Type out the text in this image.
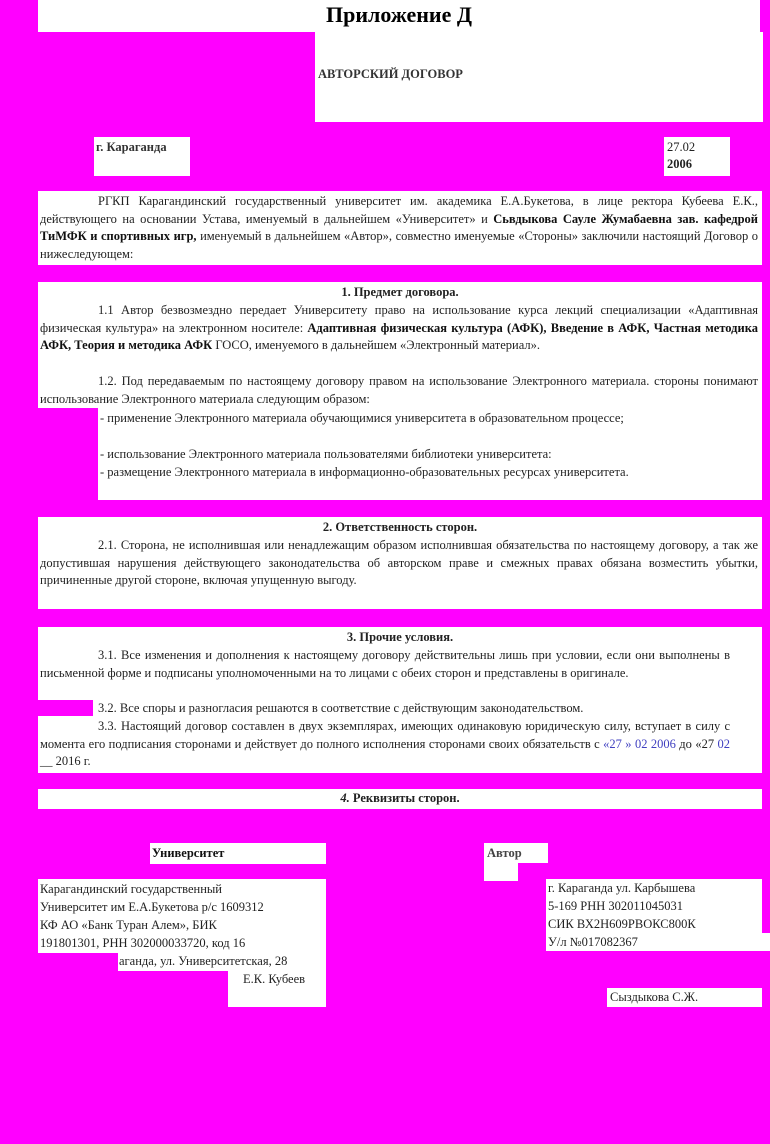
Приложение Д
АВТОРСКИЙ ДОГОВОР
г. Караганда	27.02
2006

РГКП Карагандинский государственный университет им. академика Е.А.Букетова, в лице ректора Кубеева Е.К., действующего на основании Устава, именуемый в дальнейшем «Университет» и Сьвдыкова Сауле Жумабаевна зав. кафедрой ТиМФК и спортивных игр, именуемый в дальнейшем «Автор», совместно именуемые «Стороны» заключили настоящий Договор о нижеследующем:

1. Предмет договора.

1.1 Автор безвозмездно передает Университету право на использование курса лекций специализации «Адаптивная физическая культура» на электронном носителе: Адаптивная физическая культура (АФК), Введение в АФК, Частная методика АФК, Теория и методика АФК ГОСО, именуемого в дальнейшем «Электронный материал».

1.2. Под передаваемым по настоящему договору правом на использование Электронного материала. стороны понимают использование Электронного материала следующим образом:

- применение Электронного материала обучающимися университета в образовательном процессе;
- использование Электронного материала пользователями библиотеки университета:
- размещение Электронного материала в информационно-образовательных ресурсах университета.
2. Ответственность сторон.

2.1. Сторона, не исполнившая или ненадлежащим образом исполнившая обязательства по настоящему договору, а так же допустившая нарушения действующего законодательства об авторском праве и смежных правах обязана возместить убытки, причиненные другой стороне, включая упущенную выгоду.

3. Прочие условия.

3.1. Все изменения и дополнения к настоящему договору действительны лишь при условии, если они выполнены в письменной форме и подписаны уполномоченными на то лицами с обеих сторон и представлены в оригинале.

3.2. Все споры и разногласия решаются в соответствие с действующим законодательством.

3.3. Настоящий договор составлен в двух экземплярах, имеющих одинаковую юридическую силу, вступает в силу с момента его подписания сторонами и действует до полного исполнения сторонами своих обязательств с «27 » 02 2006 до «27 02 __ 2016 г.

4. Реквизиты сторон.
Университет
Карагандинский государственный
Университет им Е.А.Букетова р/с 1609312
КФ АО «Банк Туран Алем», БИК
191801301, РНН 302000033720, код 16
аганда, ул. Университетская, 28
Е.К. Кубеев
Автор
г. Караганда ул. Карбышева
5-169 РНН 302011045031
СИК ВХ2Н609РВОКС800К
У/л №017082367
Сыздыкова С.Ж.
